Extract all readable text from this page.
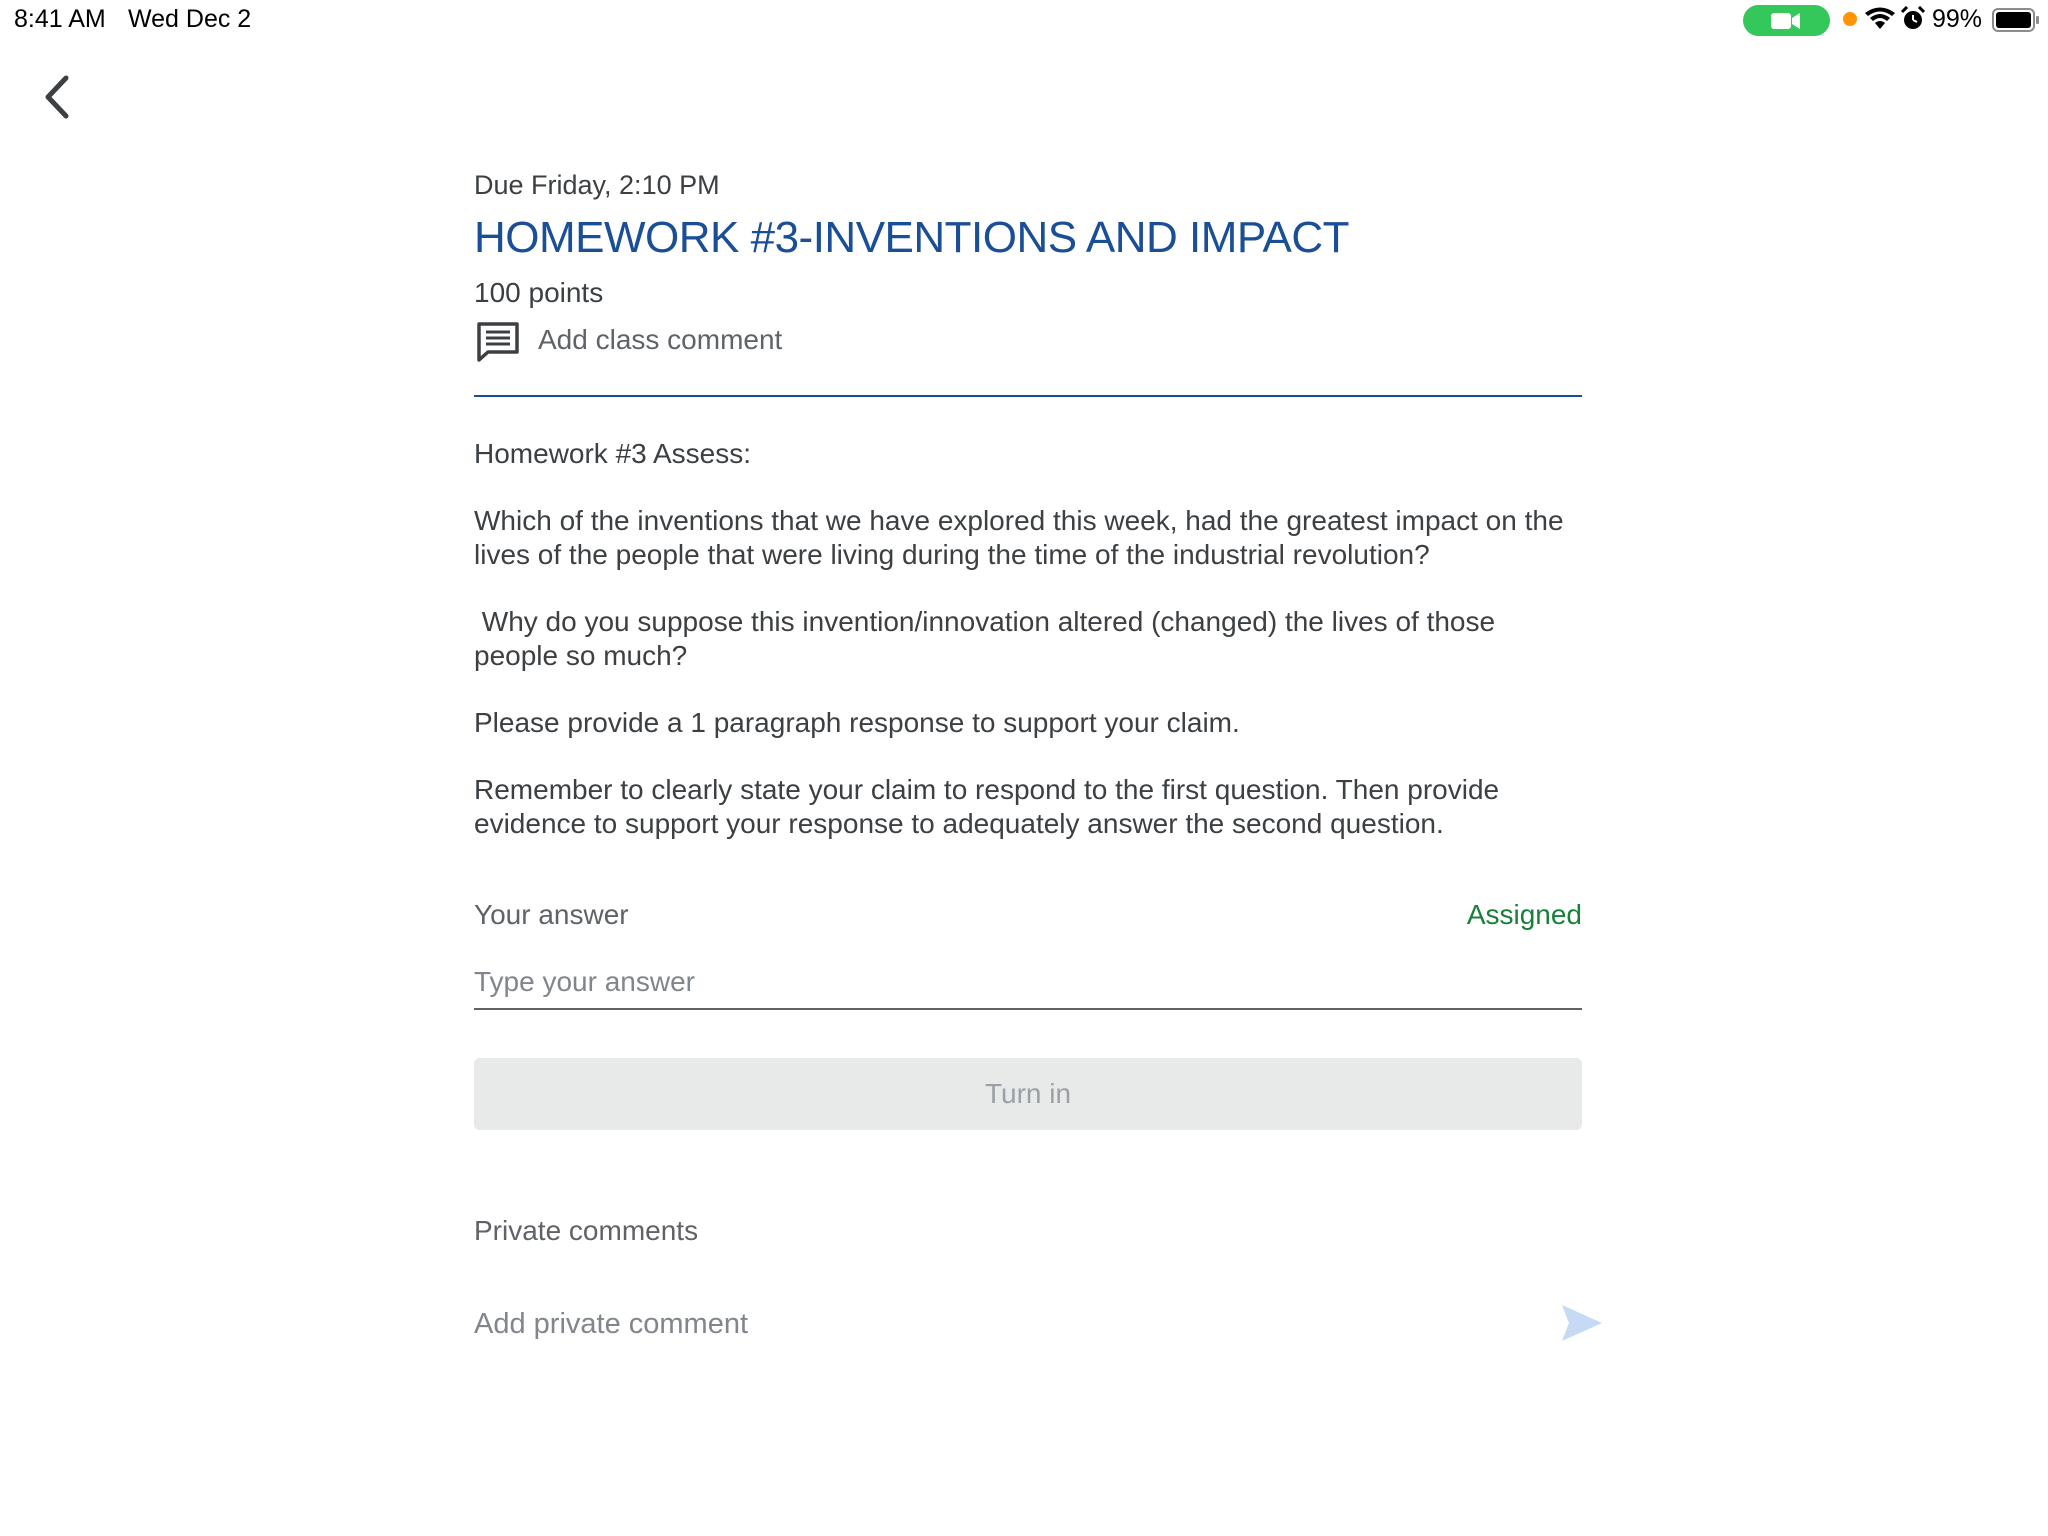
8:41 AM Wed Dec 2	99%
Due Friday, 2:10 PM
HOMEWORK #3-INVENTIONS AND IMPACT
100 points
Add class comment

Homework #3 Assess:

Which of the inventions that we have explored this week, had the greatest impact on the lives of the people that were living during the time of the industrial revolution?

Why do you suppose this invention/innovation altered (changed) the lives of those people so much?

Please provide a 1 paragraph response to support your claim.

Remember to clearly state your claim to respond to the first question. Then provide evidence to support your response to adequately answer the second question.

Your answer	Assigned
Type your answer
Turn in
Private comments
Add private comment
